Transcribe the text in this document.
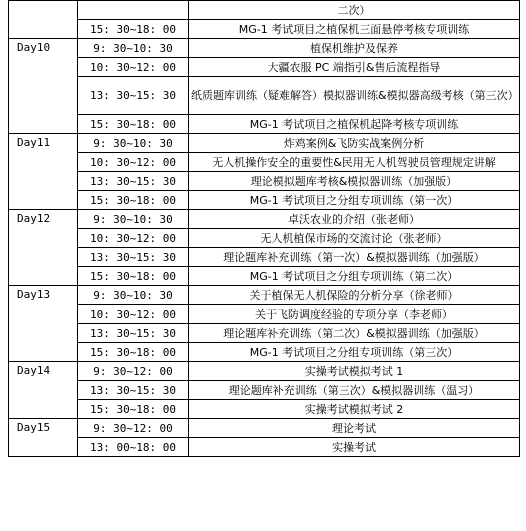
		二次）
	15: 30~18: 00	MG-1 考试项目之植保机三面悬停考核专项训练
Day10	9: 30~10: 30	植保机维护及保养
	10: 30~12: 00	大疆农服 PC 端指引&售后流程指导
	13: 30~15: 30	纸质题库训练（疑难解答）模拟器训练&模拟器高级考核（第三次）
	15: 30~18: 00	MG-1 考试项目之植保机起降考核专项训练
Day11	9: 30~10: 30	炸鸡案例&飞防实战案例分析
	10: 30~12: 00	无人机操作安全的重要性&民用无人机驾驶员管理规定讲解
	13: 30~15: 30	理论模拟题库考核&模拟器训练（加强版）
	15: 30~18: 00	MG-1 考试项目之分组专项训练（第一次）
Day12	9: 30~10: 30	卓沃农业的介绍（张老师）
	10: 30~12: 00	无人机植保市场的交流讨论（张老师）
	13: 30~15: 30	理论题库补充训练（第一次）&模拟器训练（加强版）
	15: 30~18: 00	MG-1 考试项目之分组专项训练（第二次）
Day13	9: 30~10: 30	关于植保无人机保险的分析分享（徐老师）
	10: 30~12: 00	关于飞防调度经验的专项分享（李老师）
	13: 30~15: 30	理论题库补充训练（第二次）&模拟器训练（加强版）
	15: 30~18: 00	MG-1 考试项目之分组专项训练（第三次）
Day14	9: 30~12: 00	实操考试模拟考试 1
	13: 30~15: 30	理论题库补充训练（第三次）&模拟器训练（温习）
	15: 30~18: 00	实操考试模拟考试 2
Day15	9: 30~12: 00	理论考试
	13: 00~18: 00	实操考试
